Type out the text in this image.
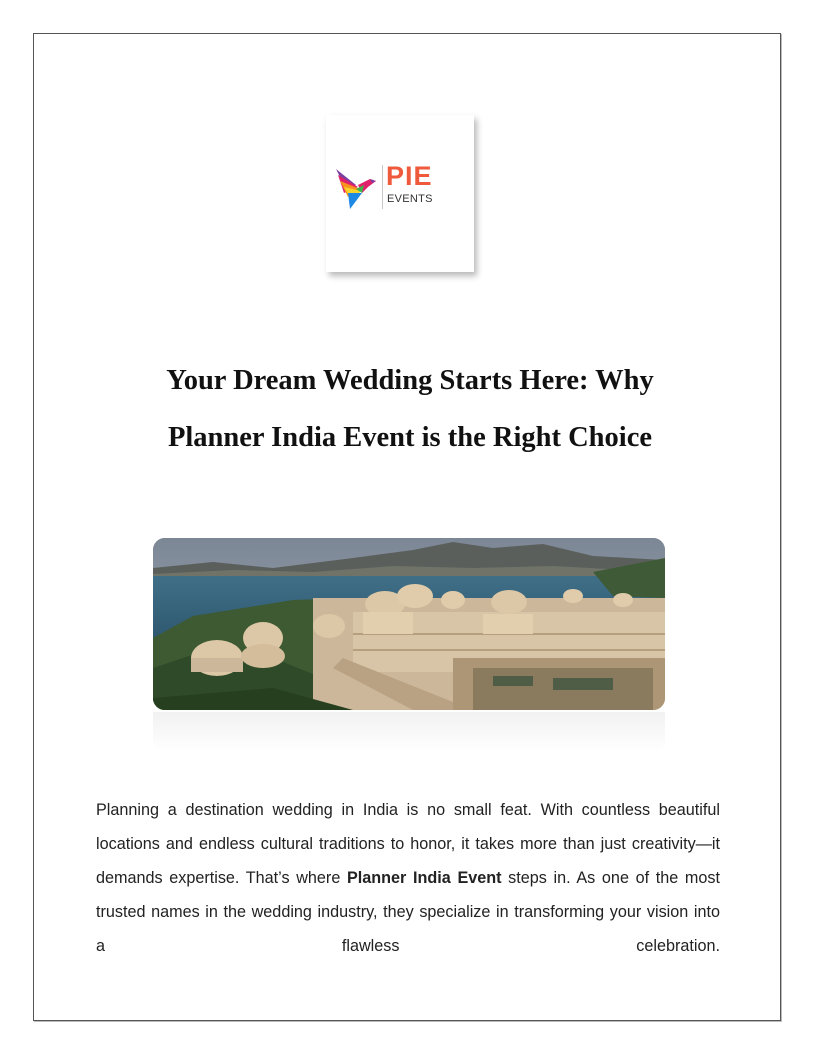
PIE
EVENTS
Your Dream Wedding Starts Here: Why
Planner India Event is the Right Choice

Planning a destination wedding in India is no small feat. With countless beautiful locations and endless cultural traditions to honor, it takes more than just creativity—it demands expertise. That’s where Planner India Event steps in. As one of the most trusted names in the wedding industry, they specialize in transforming your vision into a flawless celebration.
